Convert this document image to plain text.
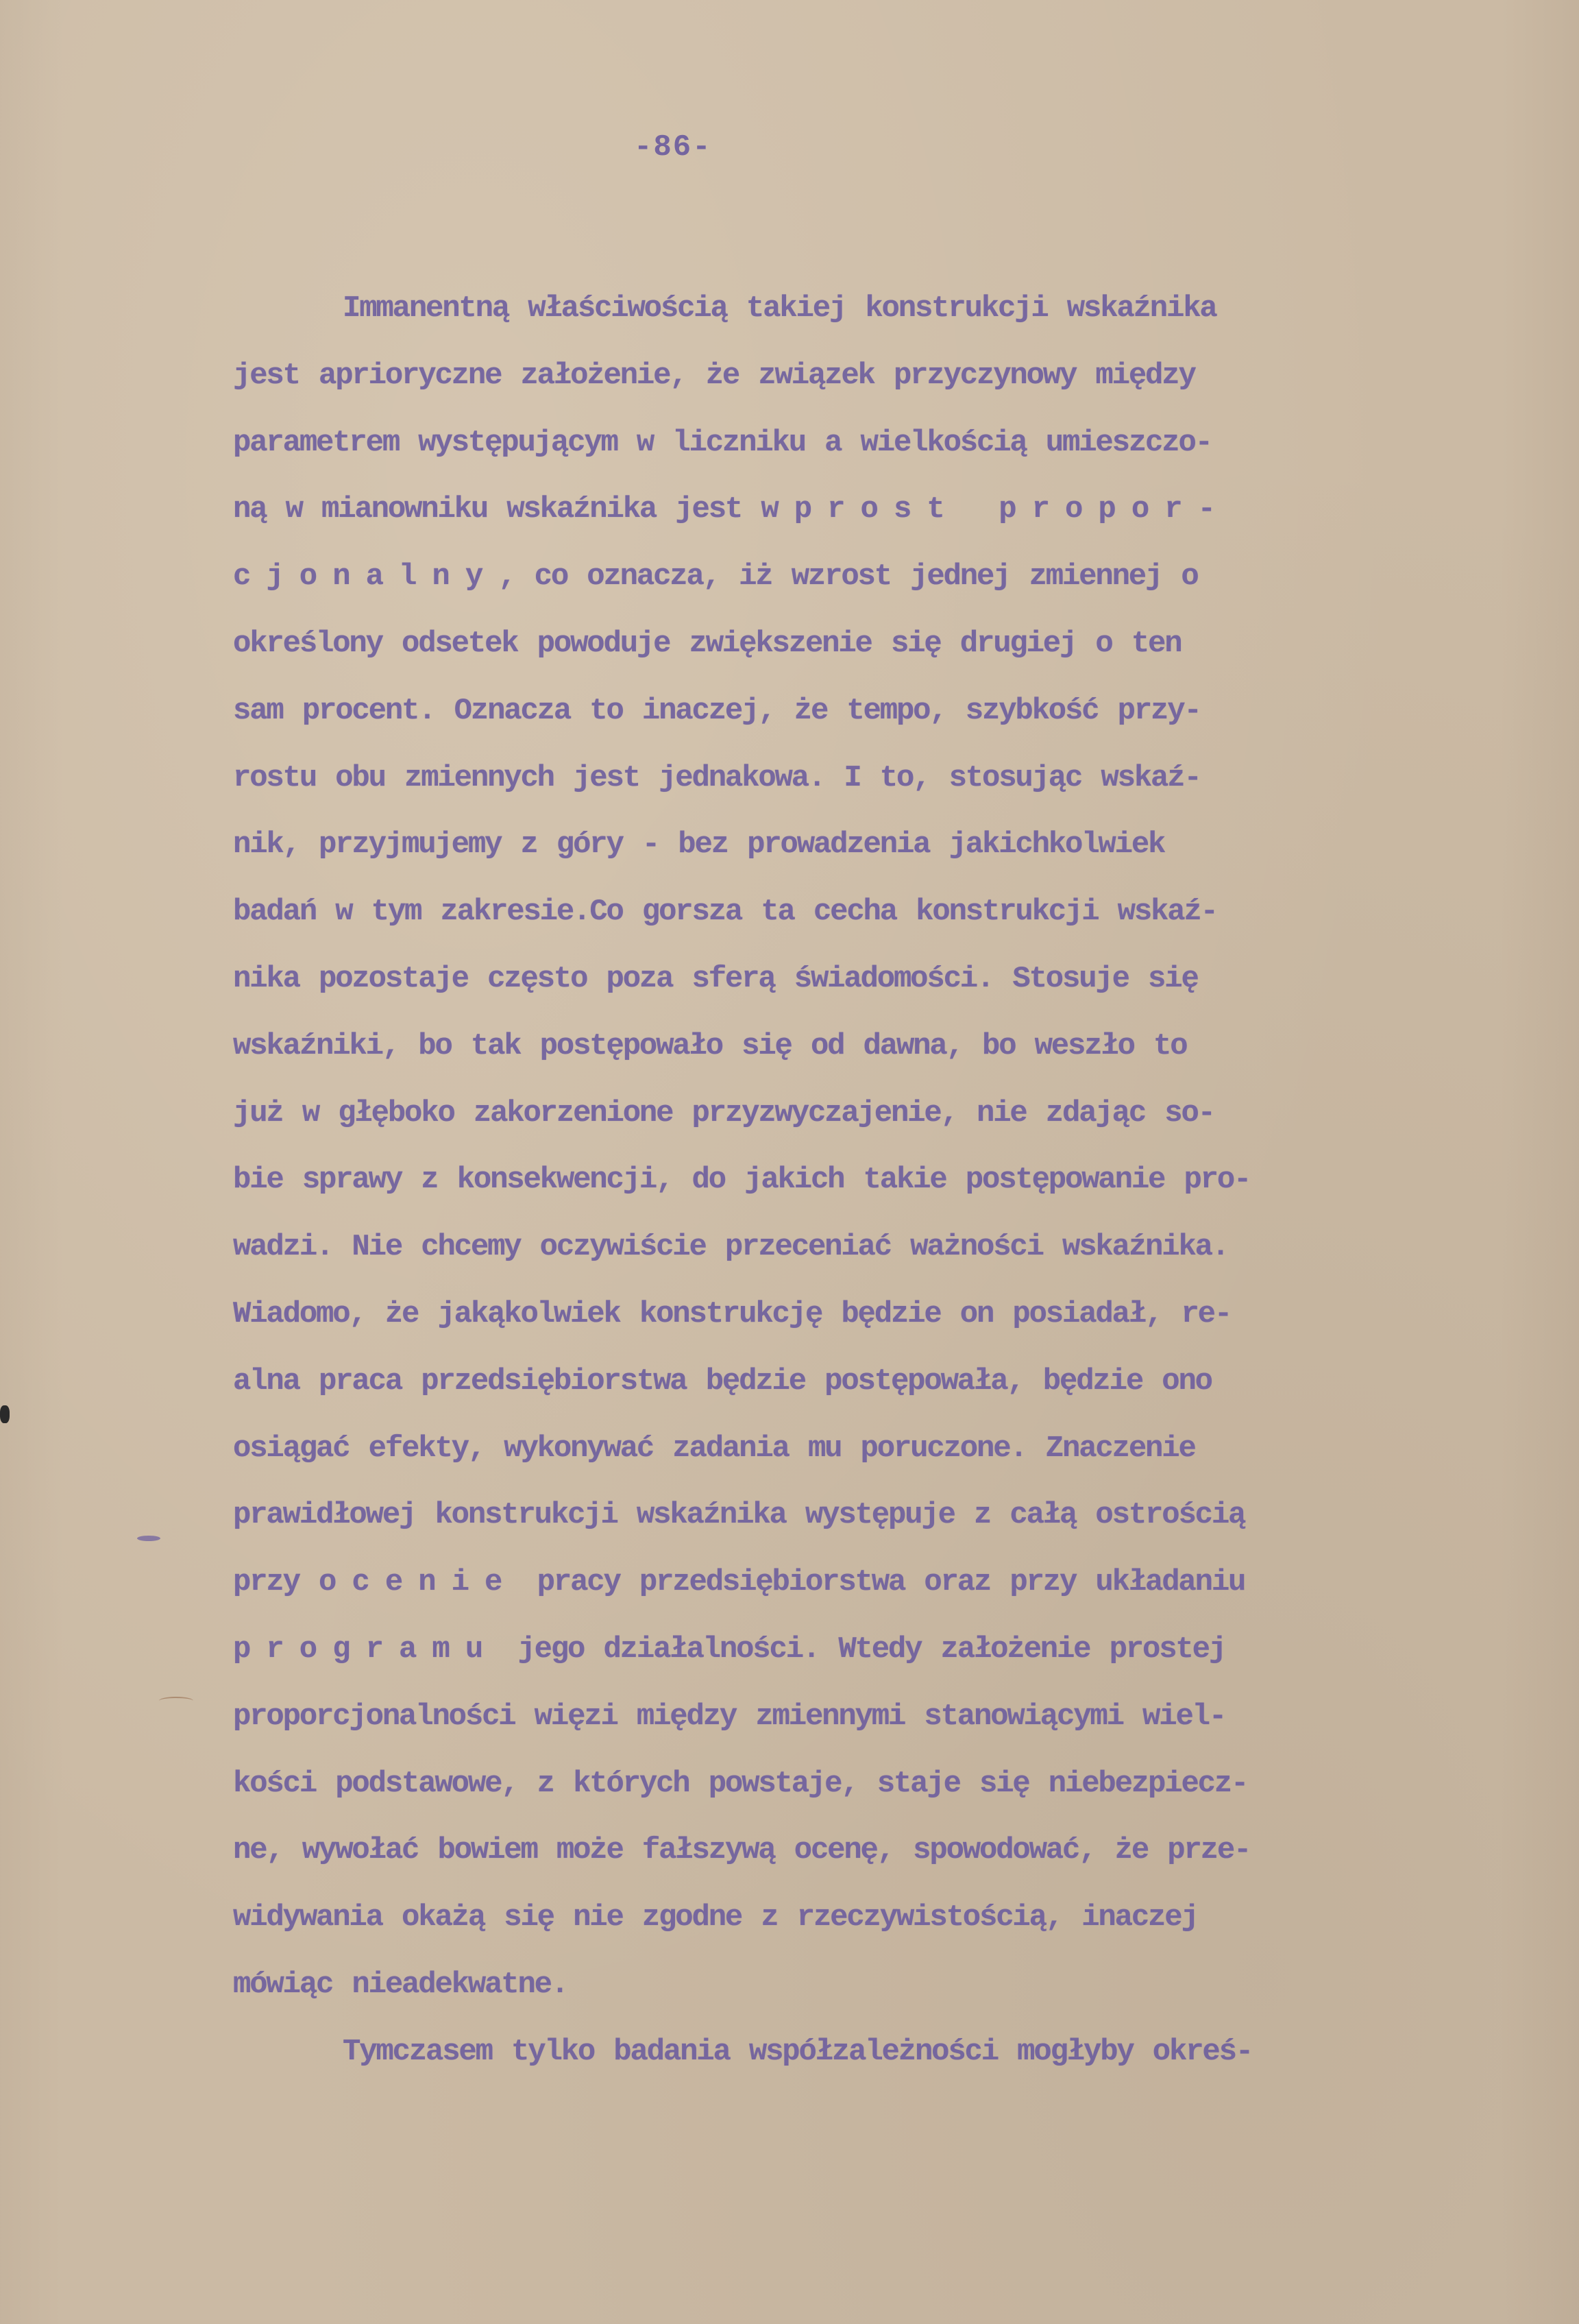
-86-
Immanentną właściwością takiej konstrukcji wskaźnika
jest aprioryczne założenie, że związek przyczynowy między
parametrem występującym w liczniku a wielkością umieszczo-
ną w mianowniku wskaźnika jest wprost propor-
cjonalny, co oznacza, iż wzrost jednej zmiennej o
określony odsetek powoduje zwiększenie się drugiej o ten
sam procent. Oznacza to inaczej, że tempo, szybkość przy-
rostu obu zmiennych jest jednakowa. I to, stosując wskaź-
nik, przyjmujemy z góry - bez prowadzenia jakichkolwiek
badań w tym zakresie.Co gorsza ta cecha konstrukcji wskaź-
nika pozostaje często poza sferą świadomości. Stosuje się
wskaźniki, bo tak postępowało się od dawna, bo weszło to
już w głęboko zakorzenione przyzwyczajenie, nie zdając so-
bie sprawy z konsekwencji, do jakich takie postępowanie pro-
wadzi. Nie chcemy oczywiście przeceniać ważności wskaźnika.
Wiadomo, że jakąkolwiek konstrukcję będzie on posiadał, re-
alna praca przedsiębiorstwa będzie postępowała, będzie ono
osiągać efekty, wykonywać zadania mu poruczone. Znaczenie
prawidłowej konstrukcji wskaźnika występuje z całą ostrością
przy ocenie pracy przedsiębiorstwa oraz przy układaniu
programu jego działalności. Wtedy założenie prostej
proporcjonalności więzi między zmiennymi stanowiącymi wiel-
kości podstawowe, z których powstaje, staje się niebezpiecz-
ne, wywołać bowiem może fałszywą ocenę, spowodować, że prze-
widywania okażą się nie zgodne z rzeczywistością, inaczej
mówiąc nieadekwatne.
Tymczasem tylko badania współzależności mogłyby okreś-
